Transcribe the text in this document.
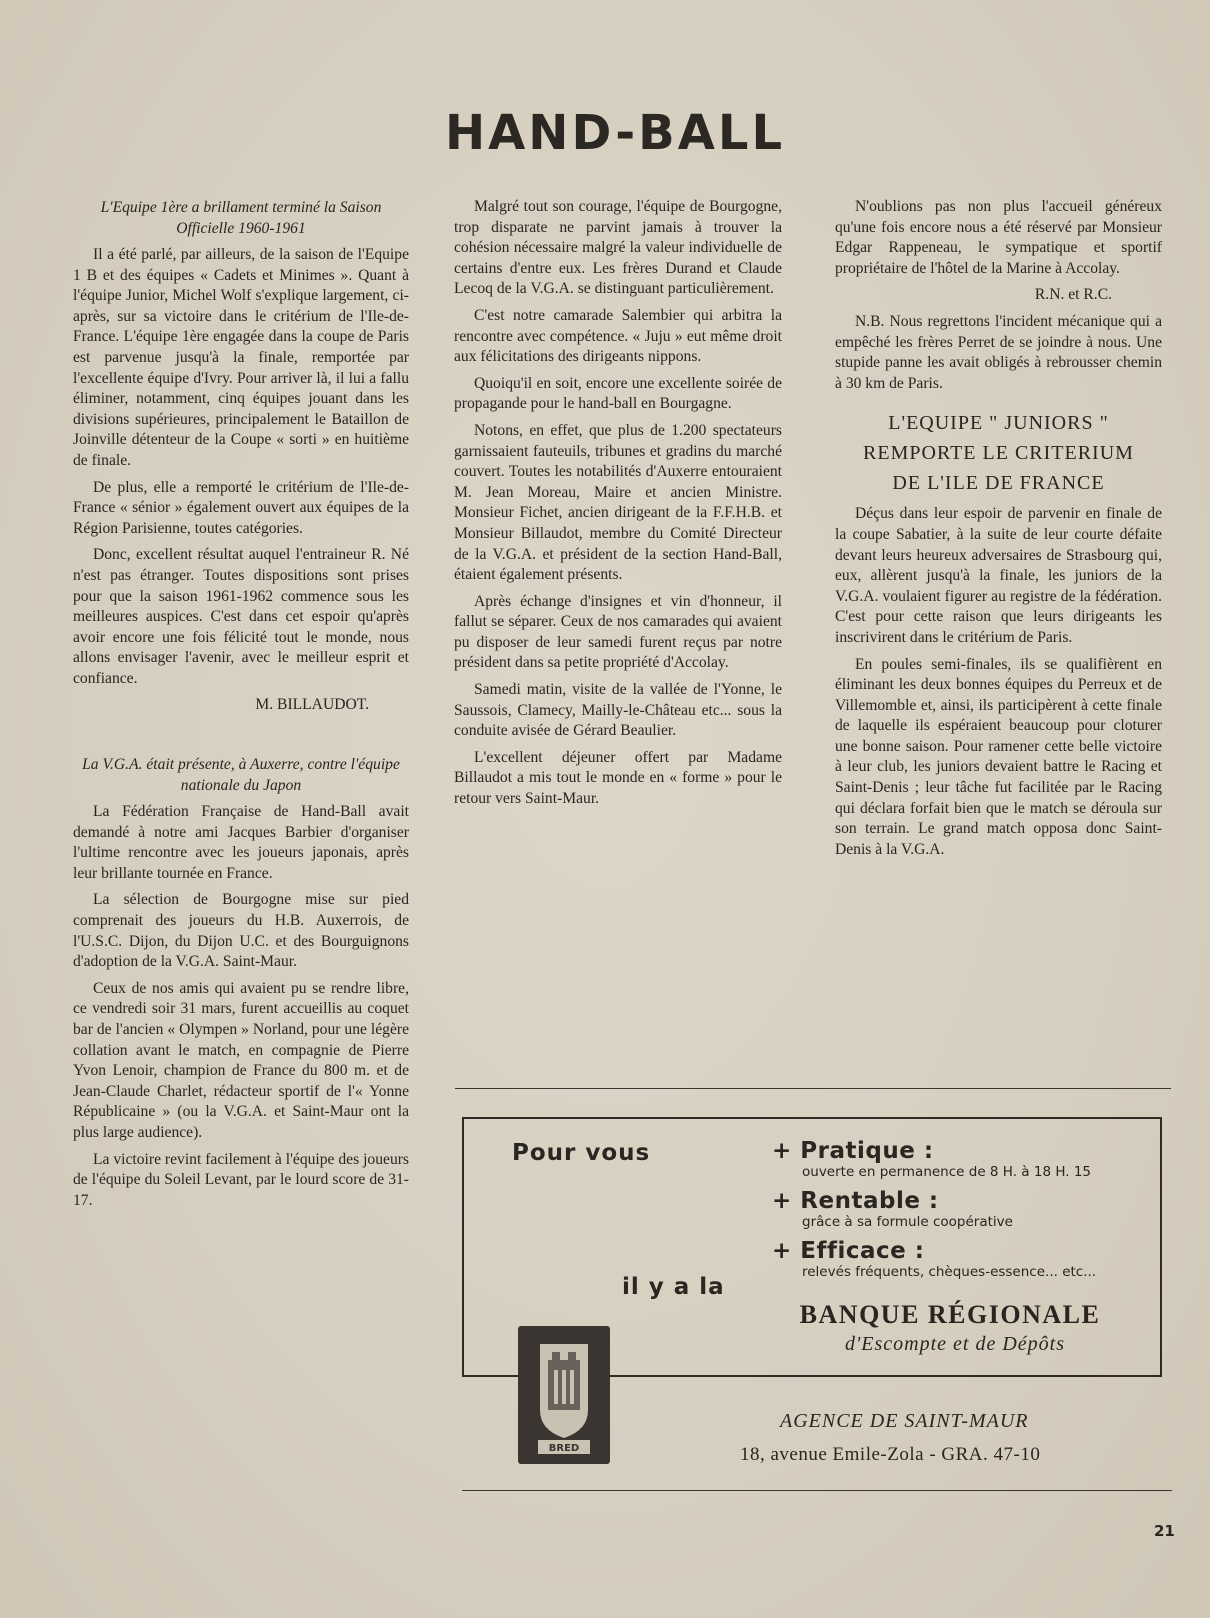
HAND-BALL

L'Equipe 1ère a brillament terminé la Saison Officielle 1960-1961

Il a été parlé, par ailleurs, de la saison de l'Equipe 1 B et des équipes « Cadets et Minimes ». Quant à l'équipe Junior, Michel Wolf s'explique largement, ci-après, sur sa victoire dans le critérium de l'Ile-de-France. L'équipe 1ère engagée dans la coupe de Paris est parvenue jusqu'à la finale, remportée par l'excellente équipe d'Ivry. Pour arriver là, il lui a fallu éliminer, notamment, cinq équipes jouant dans les divisions supérieures, principalement le Bataillon de Joinville détenteur de la Coupe « sorti » en huitième de finale.

De plus, elle a remporté le critérium de l'Ile-de-France « sénior » également ouvert aux équipes de la Région Parisienne, toutes catégories.

Donc, excellent résultat auquel l'entraineur R. Né n'est pas étranger. Toutes dispositions sont prises pour que la saison 1961-1962 commence sous les meilleures auspices. C'est dans cet espoir qu'après avoir encore une fois félicité tout le monde, nous allons envisager l'avenir, avec le meilleur esprit et confiance.

M. BILLAUDOT.

La V.G.A. était présente, à Auxerre, contre l'équipe nationale du Japon

La Fédération Française de Hand-Ball avait demandé à notre ami Jacques Barbier d'organiser l'ultime rencontre avec les joueurs japonais, après leur brillante tournée en France.

La sélection de Bourgogne mise sur pied comprenait des joueurs du H.B. Auxerrois, de l'U.S.C. Dijon, du Dijon U.C. et des Bourguignons d'adoption de la V.G.A. Saint-Maur.

Ceux de nos amis qui avaient pu se rendre libre, ce vendredi soir 31 mars, furent accueillis au coquet bar de l'ancien « Olympen » Norland, pour une légère collation avant le match, en compagnie de Pierre Yvon Lenoir, champion de France du 800 m. et de Jean-Claude Charlet, rédacteur sportif de l'« Yonne Républicaine » (ou la V.G.A. et Saint-Maur ont la plus large audience).

La victoire revint facilement à l'équipe des joueurs de l'équipe du Soleil Levant, par le lourd score de 31-17.

Malgré tout son courage, l'équipe de Bourgogne, trop disparate ne parvint jamais à trouver la cohésion nécessaire malgré la valeur individuelle de certains d'entre eux. Les frères Durand et Claude Lecoq de la V.G.A. se distinguant particulièrement.

C'est notre camarade Salembier qui arbitra la rencontre avec compétence. « Juju » eut même droit aux félicitations des dirigeants nippons.

Quoiqu'il en soit, encore une excellente soirée de propagande pour le hand-ball en Bourgagne.

Notons, en effet, que plus de 1.200 spectateurs garnissaient fauteuils, tribunes et gradins du marché couvert. Toutes les notabilités d'Auxerre entouraient M. Jean Moreau, Maire et ancien Ministre. Monsieur Fichet, ancien dirigeant de la F.F.H.B. et Monsieur Billaudot, membre du Comité Directeur de la V.G.A. et président de la section Hand-Ball, étaient également présents.

Après échange d'insignes et vin d'honneur, il fallut se séparer. Ceux de nos camarades qui avaient pu disposer de leur samedi furent reçus par notre président dans sa petite propriété d'Accolay.

Samedi matin, visite de la vallée de l'Yonne, le Saussois, Clamecy, Mailly-le-Château etc... sous la conduite avisée de Gérard Beaulier.

L'excellent déjeuner offert par Madame Billaudot a mis tout le monde en « forme » pour le retour vers Saint-Maur.

N'oublions pas non plus l'accueil généreux qu'une fois encore nous a été réservé par Monsieur Edgar Rappeneau, le sympatique et sportif propriétaire de l'hôtel de la Marine à Accolay.

R.N. et R.C.

N.B. Nous regrettons l'incident mécanique qui a empêché les frères Perret de se joindre à nous. Une stupide panne les avait obligés à rebrousser chemin à 30 km de Paris.

L'EQUIPE " JUNIORS "
REMPORTE LE CRITERIUM
DE L'ILE DE FRANCE

Déçus dans leur espoir de parvenir en finale de la coupe Sabatier, à la suite de leur courte défaite devant leurs heureux adversaires de Strasbourg qui, eux, allèrent jusqu'à la finale, les juniors de la V.G.A. voulaient figurer au registre de la fédération. C'est pour cette raison que leurs dirigeants les inscrivirent dans le critérium de Paris.

En poules semi-finales, ils se qualifièrent en éliminant les deux bonnes équipes du Perreux et de Villemomble et, ainsi, ils participèrent à cette finale de laquelle ils espéraient beaucoup pour cloturer une bonne saison. Pour ramener cette belle victoire à leur club, les juniors devaient battre le Racing et Saint-Denis ; leur tâche fut facilitée par le Racing qui déclara forfait bien que le match se déroula sur son terrain. Le grand match opposa donc Saint-Denis à la V.G.A.

Pour vous
il y a la
+ Pratique :
ouverte en permanence de 8 H. à 18 H. 15
+ Rentable :
grâce à sa formule coopérative
+ Efficace :
relevés fréquents, chèques-essence... etc...
BANQUE RÉGIONALE
d'Escompte et de Dépôts
BRED
AGENCE DE SAINT-MAUR
18, avenue Emile-Zola - GRA. 47-10
21
